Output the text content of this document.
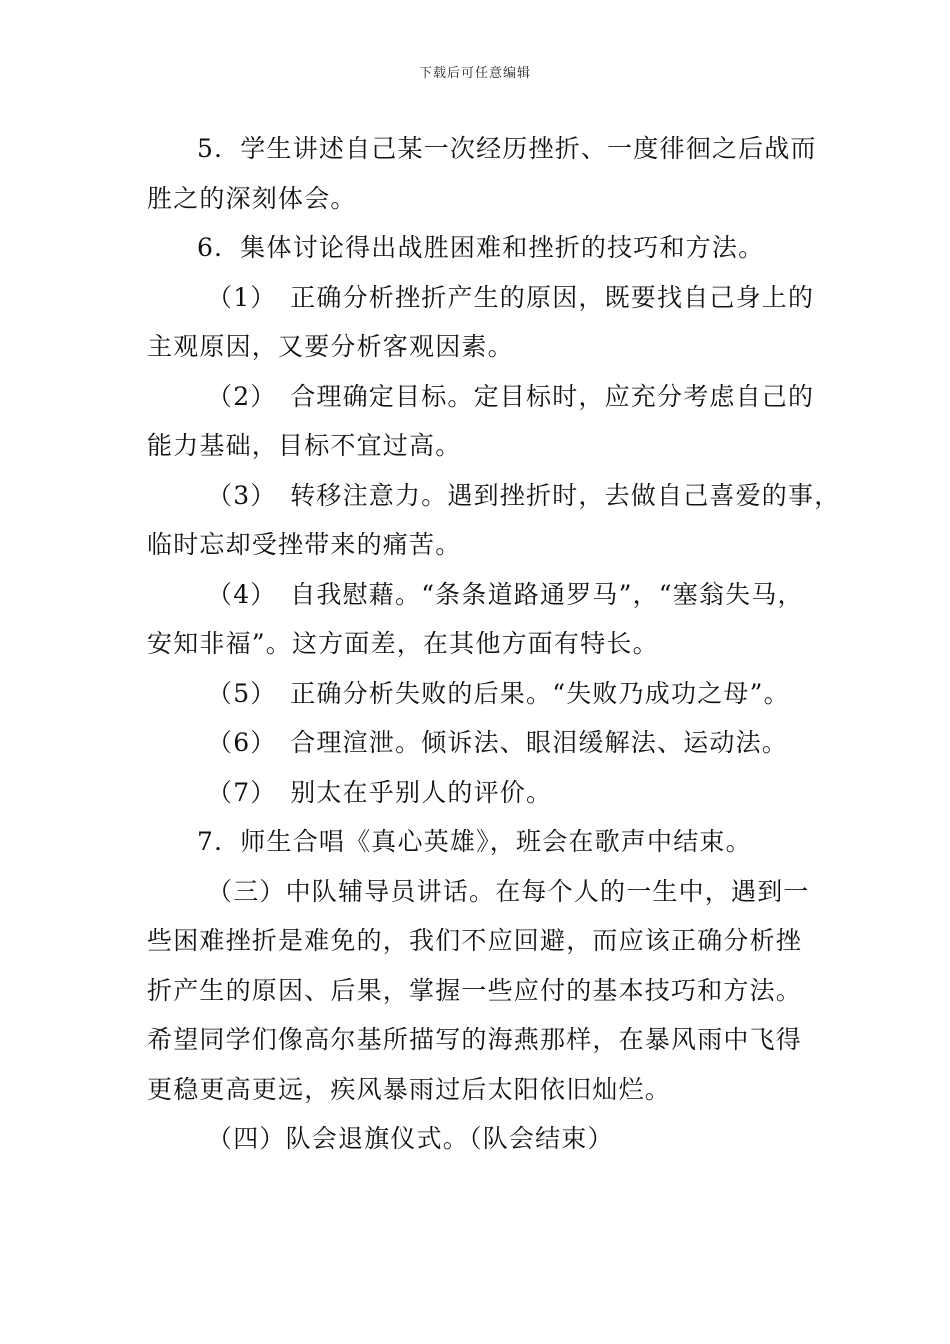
下载后可任意编辑

5．学生讲述自己某一次经历挫折、一度徘徊之后战而

胜之的深刻体会。

6．集体讨论得出战胜困难和挫折的技巧和方法。

（1）　正确分析挫折产生的原因，既要找自己身上的

主观原因，又要分析客观因素。

（2）　合理确定目标。定目标时，应充分考虑自己的

能力基础，目标不宜过高。

（3）　转移注意力。遇到挫折时，去做自己喜爱的事，

临时忘却受挫带来的痛苦。

（4）　自我慰藉。“条条道路通罗马”，“塞翁失马，

安知非福”。这方面差，在其他方面有特长。

（5）　正确分析失败的后果。“失败乃成功之母”。

（6）　合理渲泄。倾诉法、眼泪缓解法、运动法。

（7）　别太在乎别人的评价。

7．师生合唱《真心英雄》，班会在歌声中结束。

（三）中队辅导员讲话。在每个人的一生中，遇到一

些困难挫折是难免的，我们不应回避，而应该正确分析挫

折产生的原因、后果，掌握一些应付的基本技巧和方法。

希望同学们像高尔基所描写的海燕那样，在暴风雨中飞得

更稳更高更远，疾风暴雨过后太阳依旧灿烂。

（四）队会退旗仪式。（队会结束）
